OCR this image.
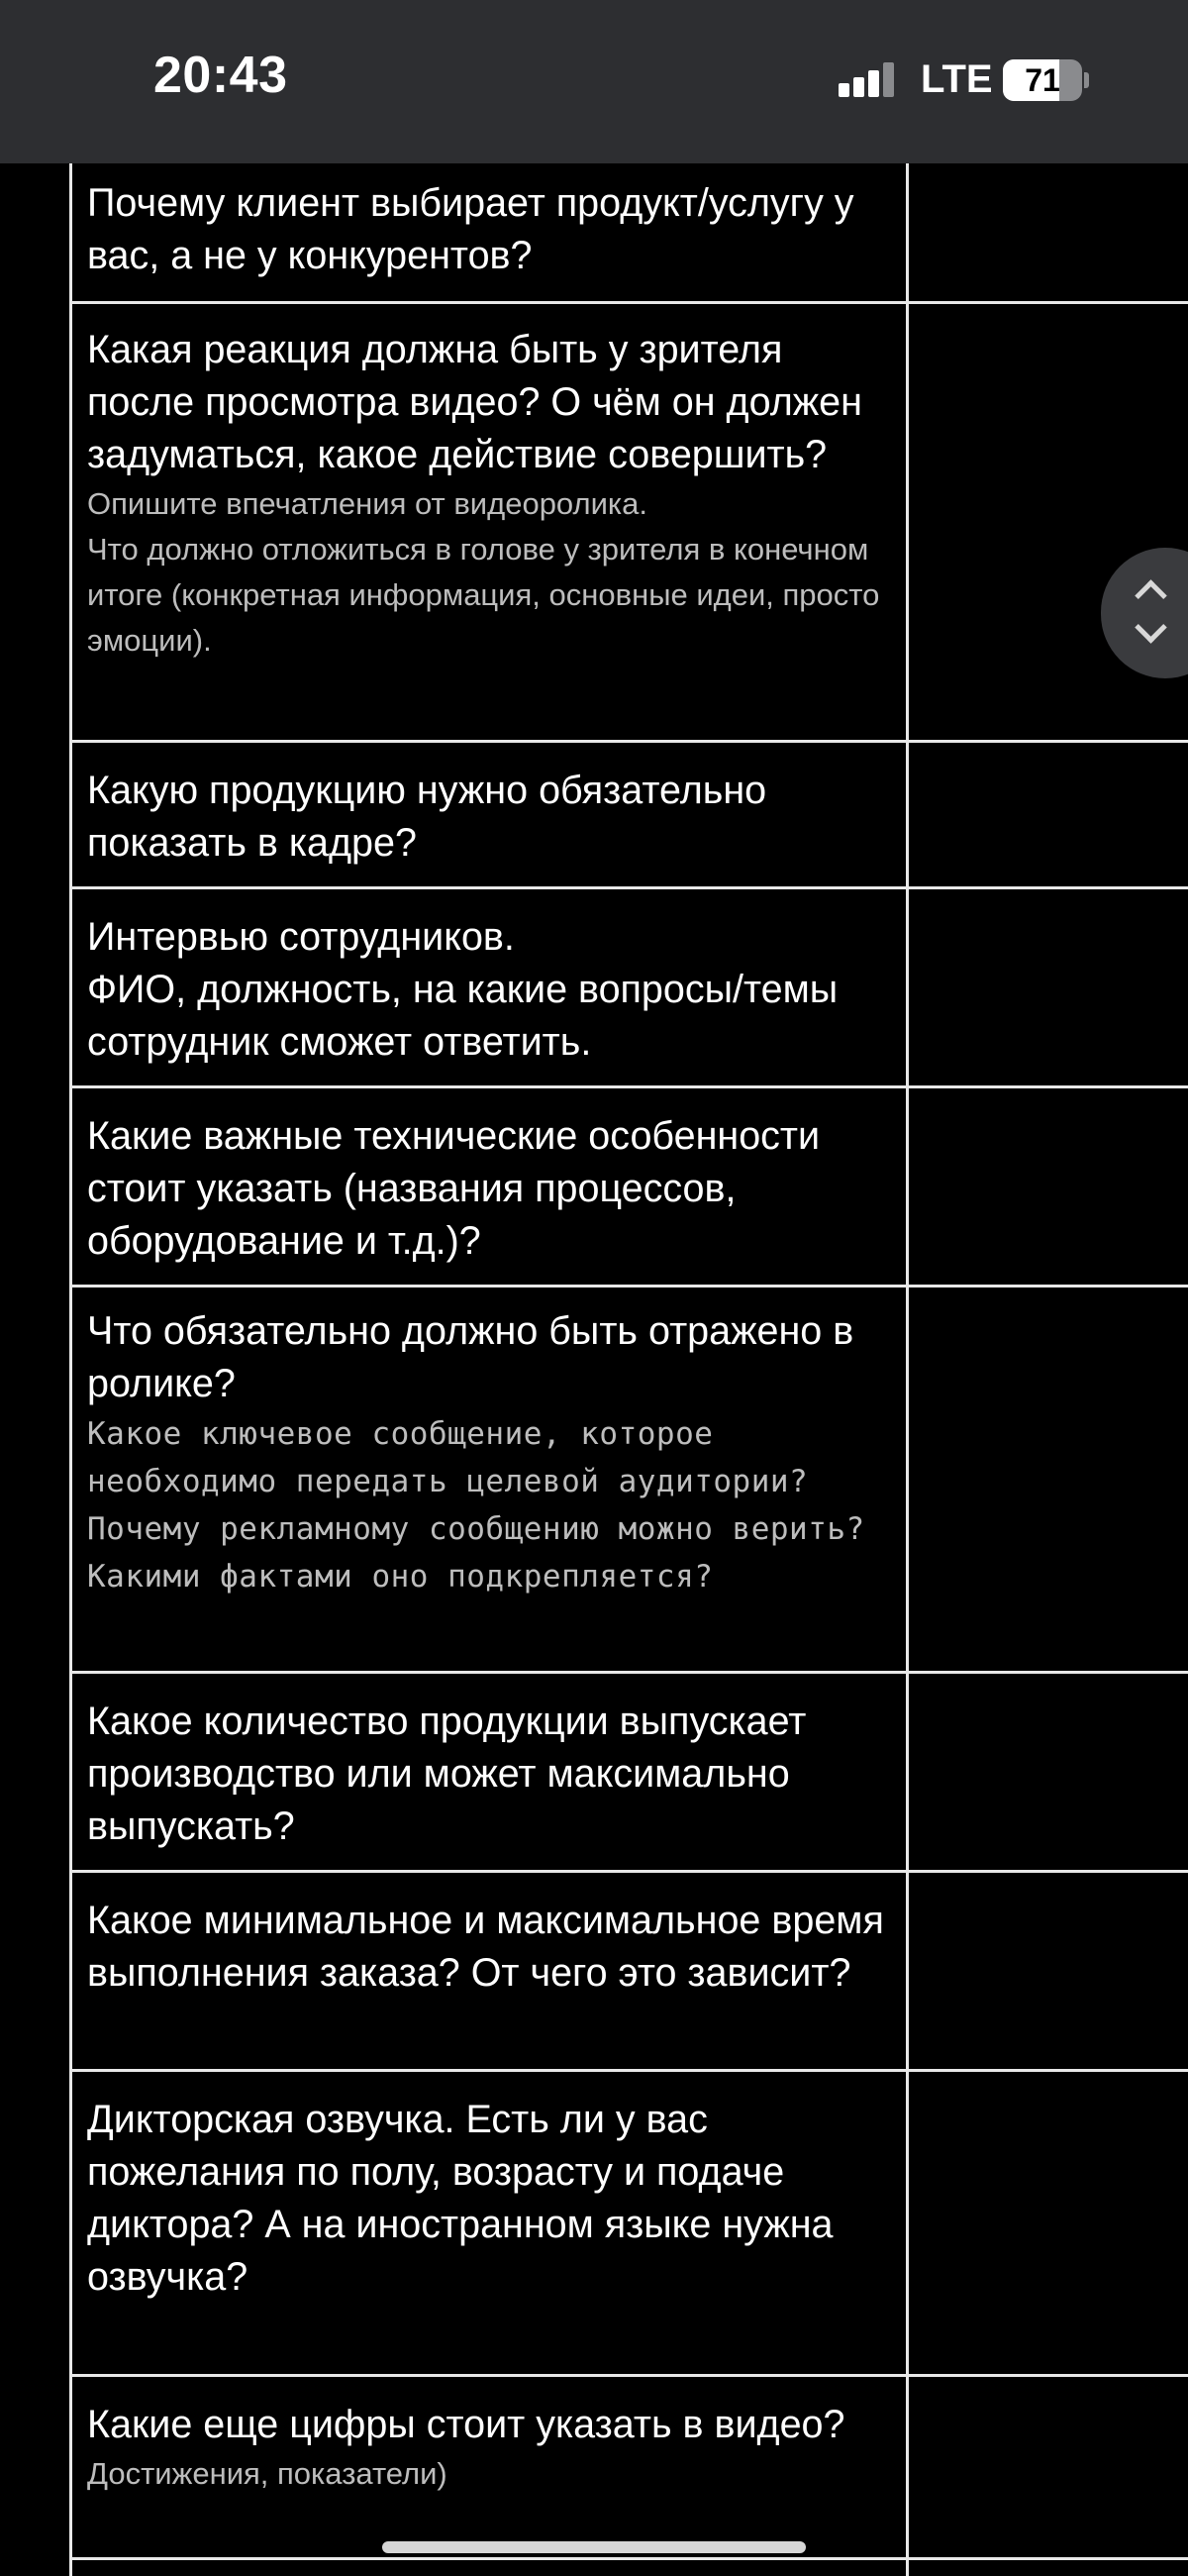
20:43	LTE	71
Почему клиент выбирает продукт/услугу у вас, а не у конкурентов?
Какая реакция должна быть у зрителя после просмотра видео? О чём он должен задуматься, какое действие совершить?
Опишите впечатления от видеоролика.
Что должно отложиться в голове у зрителя в конечном итоге (конкретная информация, основные идеи, просто эмоции).
Какую продукцию нужно обязательно показать в кадре?
Интервью сотрудников.
ФИО, должность, на какие вопросы/темы сотрудник сможет ответить.
Какие важные технические особенности стоит указать (названия процессов, оборудование и т.д.)?
Что обязательно должно быть отражено в ролике?
Какое ключевое сообщение, которое необходимо передать целевой аудитории? Почему рекламному сообщению можно верить? Какими фактами оно подкрепляется?
Какое количество продукции выпускает производство или может максимально выпускать?
Какое минимальное и максимальное время выполнения заказа? От чего это зависит?
Дикторская озвучка. Есть ли у вас пожелания по полу, возрасту и подаче диктора? А на иностранном языке нужна озвучка?
Какие еще цифры стоит указать в видео?
Достижения, показатели)
